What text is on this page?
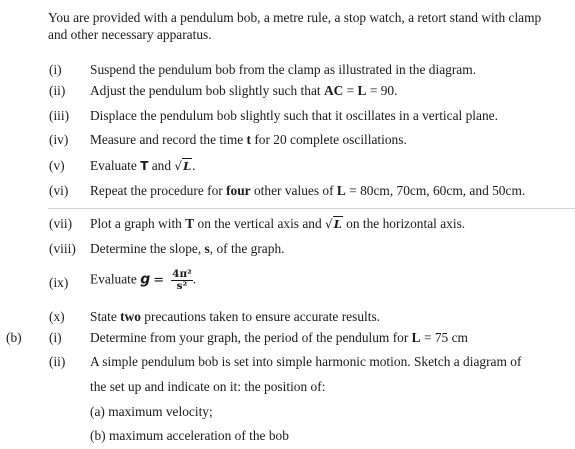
You are provided with a pendulum bob, a metre rule, a stop watch, a retort stand with clamp and other necessary apparatus.
(i) Suspend the pendulum bob from the clamp as illustrated in the diagram.
(ii) Adjust the pendulum bob slightly such that AC = L = 90.
(iii) Displace the pendulum bob slightly such that it oscillates in a vertical plane.
(iv) Measure and record the time t for 20 complete oscillations.
(v) Evaluate T and √L.
(vi) Repeat the procedure for four other values of L = 80cm, 70cm, 60cm, and 50cm.
(vii) Plot a graph with T on the vertical axis and √L on the horizontal axis.
(viii) Determine the slope, s, of the graph.
(ix) Evaluate $g = \frac{\text{4π²}}{\text{s²}}$ .
(x) State two precautions taken to ensure accurate results.
(b) (i) Determine from your graph, the period of the pendulum for L = 75 cm
(ii) A simple pendulum bob is set into simple harmonic motion. Sketch a diagram of
the set up and indicate on it: the position of:
(a) maximum velocity;
(b) maximum acceleration of the bob
